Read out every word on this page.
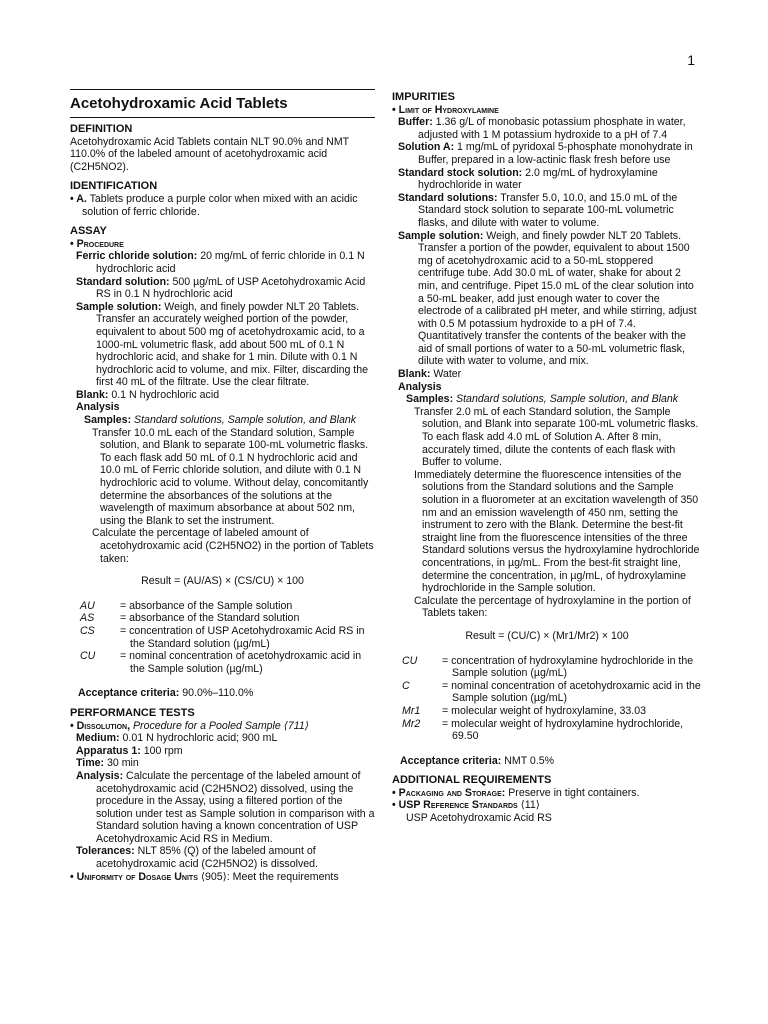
1
Acetohydroxamic Acid Tablets
DEFINITION

Acetohydroxamic Acid Tablets contain NLT 90.0% and NMT 110.0% of the labeled amount of acetohydroxamic acid (C2H5NO2).

IDENTIFICATION

• A. Tablets produce a purple color when mixed with an acidic solution of ferric chloride.

ASSAY

• Procedure

Ferric chloride solution: 20 mg/mL of ferric chloride in 0.1 N hydrochloric acid

Standard solution: 500 µg/mL of USP Acetohydroxamic Acid RS in 0.1 N hydrochloric acid

Sample solution: Weigh, and finely powder NLT 20 Tablets. Transfer an accurately weighed portion of the powder, equivalent to about 500 mg of acetohydroxamic acid, to a 1000-mL volumetric flask, add about 500 mL of 0.1 N hydrochloric acid, and shake for 1 min. Dilute with 0.1 N hydrochloric acid to volume, and mix. Filter, discarding the first 40 mL of the filtrate. Use the clear filtrate.

Blank: 0.1 N hydrochloric acid

Analysis

Samples: Standard solutions, Sample solution, and Blank

Transfer 10.0 mL each of the Standard solution, Sample solution, and Blank to separate 100-mL volumetric flasks. To each flask add 50 mL of 0.1 N hydrochloric acid and 10.0 mL of Ferric chloride solution, and dilute with 0.1 N hydrochloric acid to volume. Without delay, concomitantly determine the absorbances of the solutions at the wavelength of maximum absorbance at about 502 nm, using the Blank to set the instrument.

Calculate the percentage of labeled amount of acetohydroxamic acid (C2H5NO2) in the portion of Tablets taken:

Result = (AU/AS) × (CS/CU) × 100
AU	= absorbance of the Sample solution
AS	= absorbance of the Standard solution
CS	= concentration of USP Acetohydroxamic Acid RS in the Standard solution (µg/mL)
CU	= nominal concentration of acetohydroxamic acid in the Sample solution (µg/mL)

Acceptance criteria: 90.0%–110.0%

PERFORMANCE TESTS

• Dissolution, Procedure for a Pooled Sample ⟨711⟩

Medium: 0.01 N hydrochloric acid; 900 mL

Apparatus 1: 100 rpm

Time: 30 min

Analysis: Calculate the percentage of the labeled amount of acetohydroxamic acid (C2H5NO2) dissolved, using the procedure in the Assay, using a filtered portion of the solution under test as Sample solution in comparison with a Standard solution having a known concentration of USP Acetohydroxamic Acid RS in Medium.

Tolerances: NLT 85% (Q) of the labeled amount of acetohydroxamic acid (C2H5NO2) is dissolved.

• Uniformity of Dosage Units ⟨905⟩: Meet the requirements

IMPURITIES

• Limit of Hydroxylamine

Buffer: 1.36 g/L of monobasic potassium phosphate in water, adjusted with 1 M potassium hydroxide to a pH of 7.4

Solution A: 1 mg/mL of pyridoxal 5-phosphate monohydrate in Buffer, prepared in a low-actinic flask fresh before use

Standard stock solution: 2.0 mg/mL of hydroxylamine hydrochloride in water

Standard solutions: Transfer 5.0, 10.0, and 15.0 mL of the Standard stock solution to separate 100-mL volumetric flasks, and dilute with water to volume.

Sample solution: Weigh, and finely powder NLT 20 Tablets. Transfer a portion of the powder, equivalent to about 1500 mg of acetohydroxamic acid to a 50-mL stoppered centrifuge tube. Add 30.0 mL of water, shake for about 2 min, and centrifuge. Pipet 15.0 mL of the clear solution into a 50-mL beaker, add just enough water to cover the electrode of a calibrated pH meter, and while stirring, adjust with 0.5 M potassium hydroxide to a pH of 7.4. Quantitatively transfer the contents of the beaker with the aid of small portions of water to a 50-mL volumetric flask, dilute with water to volume, and mix.

Blank: Water

Analysis

Samples: Standard solutions, Sample solution, and Blank

Transfer 2.0 mL of each Standard solution, the Sample solution, and Blank into separate 100-mL volumetric flasks. To each flask add 4.0 mL of Solution A. After 8 min, accurately timed, dilute the contents of each flask with Buffer to volume.

Immediately determine the fluorescence intensities of the solutions from the Standard solutions and the Sample solution in a fluorometer at an excitation wavelength of 350 nm and an emission wavelength of 450 nm, setting the instrument to zero with the Blank. Determine the best-fit straight line from the fluorescence intensities of the three Standard solutions versus the hydroxylamine hydrochloride concentrations, in µg/mL. From the best-fit straight line, determine the concentration, in µg/mL, of hydroxylamine hydrochloride in the Sample solution.

Calculate the percentage of hydroxylamine in the portion of Tablets taken:

Result = (CU/C) × (Mr1/Mr2) × 100
CU	= concentration of hydroxylamine hydrochloride in the Sample solution (µg/mL)
C	= nominal concentration of acetohydroxamic acid in the Sample solution (µg/mL)
Mr1	= molecular weight of hydroxylamine, 33.03
Mr2	= molecular weight of hydroxylamine hydrochloride, 69.50

Acceptance criteria: NMT 0.5%

ADDITIONAL REQUIREMENTS

• Packaging and Storage: Preserve in tight containers.

• USP Reference Standards ⟨11⟩

USP Acetohydroxamic Acid RS
